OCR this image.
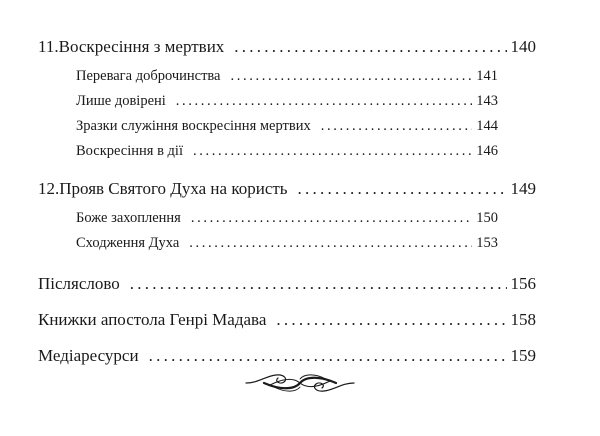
11. Воскресіння з мертвих . . .	140
Перевага доброчинства . . .	141
Лише довірені . . .	143
Зразки служіння воскресіння мертвих . . .	144
Воскресіння в дії . . .	146
12. Прояв Святого Духа на користь . . .	149
Боже захоплення . . .	150
Сходження Духа . . .	153
Післяслово . . .	156
Книжки апостола Генрі Мадава . . .	158
Медіаресурси . . .	159
